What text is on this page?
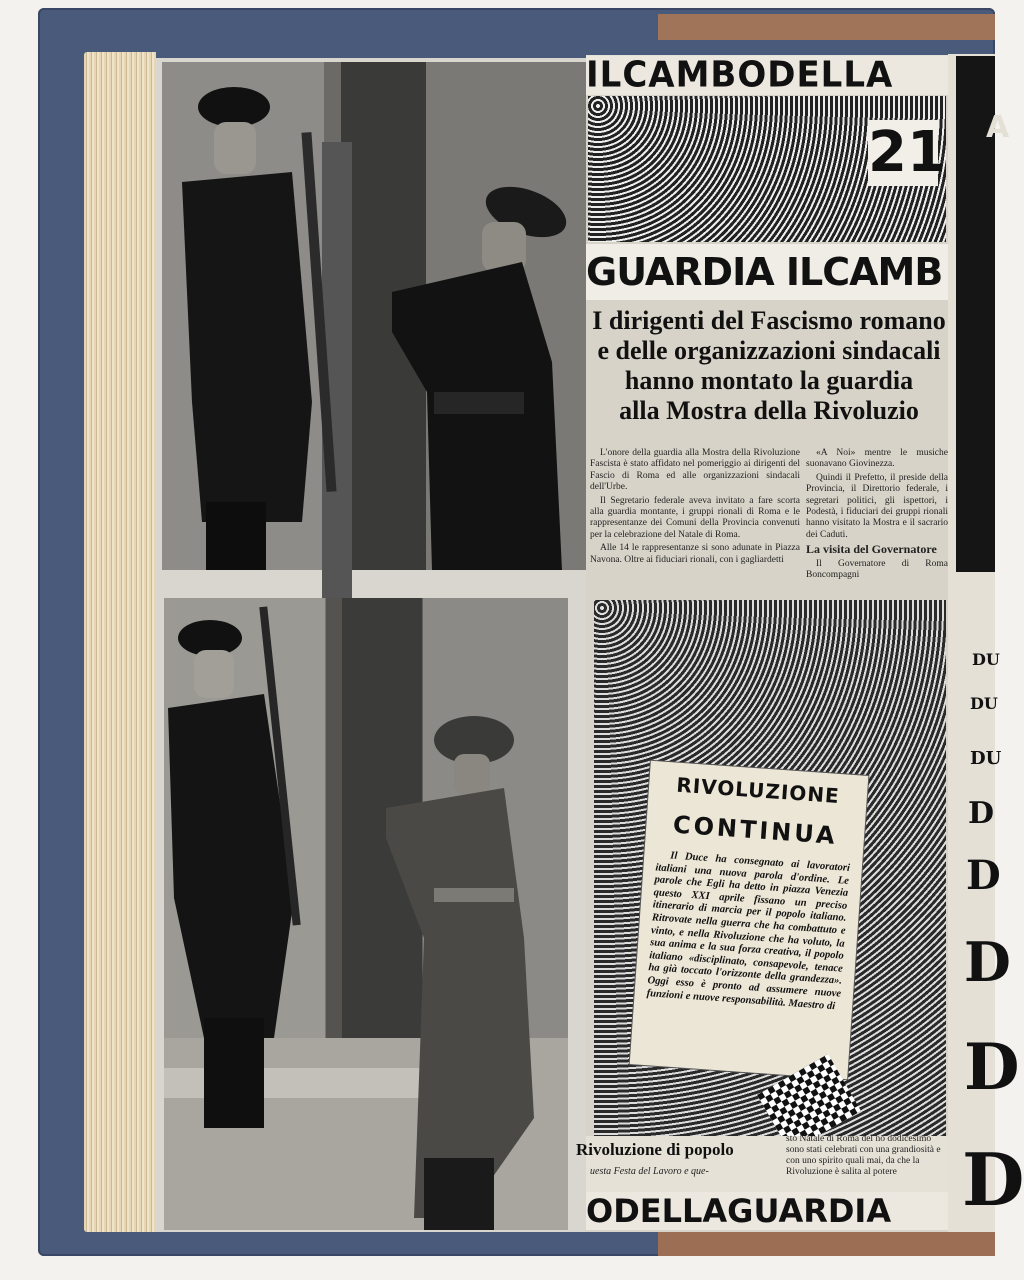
ILCAMBODELLA
21
GUARDIA ILCAMB
I dirigenti del Fascismo romano
e delle organizzazioni sindacali
hanno montato la guardia
alla Mostra della Rivoluzio

L'onore della guardia alla Mostra della Rivoluzione Fascista è stato affidato nel pomeriggio ai dirigenti del Fascio di Roma ed alle organizzazioni sindacali dell'Urbe.

Il Segretario federale aveva invitato a fare scorta alla guardia montante, i gruppi rionali di Roma e le rappresentanze dei Comuni della Provincia convenuti per la celebrazione del Natale di Roma.

Alle 14 le rappresentanze si sono adunate in Piazza Navona. Oltre ai fiduciari rionali, con i gagliardetti

«A Noi» mentre le musiche suonavano Giovinezza.

Quindi il Prefetto, il preside della Provincia, il Direttorio federale, i segretari politici, gli ispettori, i Podestà, i fiduciari dei gruppi rionali hanno visitato la Mostra e il sacrario dei Caduti.

La visita del Governatore

Il Governatore di Roma Boncompagni

RIVOLUZIONE
CONTINUA
Il Duce ha consegnato ai lavoratori italiani una nuova parola d'ordine. Le parole che Egli ha detto in piazza Venezia questo XXI aprile fissano un preciso itinerario di marcia per il popolo italiano. Ritrovate nella guerra che ha combattuto e vinto, e nella Rivoluzione che ha voluto, la sua anima e la sua forza creativa, il popolo italiano «disciplinato, consapevole, tenace ha già toccato l'orizzonte della grandezza». Oggi esso è pronto ad assumere nuove funzioni e nuove responsabilità. Maestro di
Rivoluzione di popolo
uesta Festa del Lavoro e que-
sto Natale di Roma del no dodicesimo sono stati celebrati con una grandiosità e con uno spirito quali mai, da che la Rivoluzione è salita al potere
ODELLAGUARDIA
A
DU
DU
DU
D
D
D
D
D
